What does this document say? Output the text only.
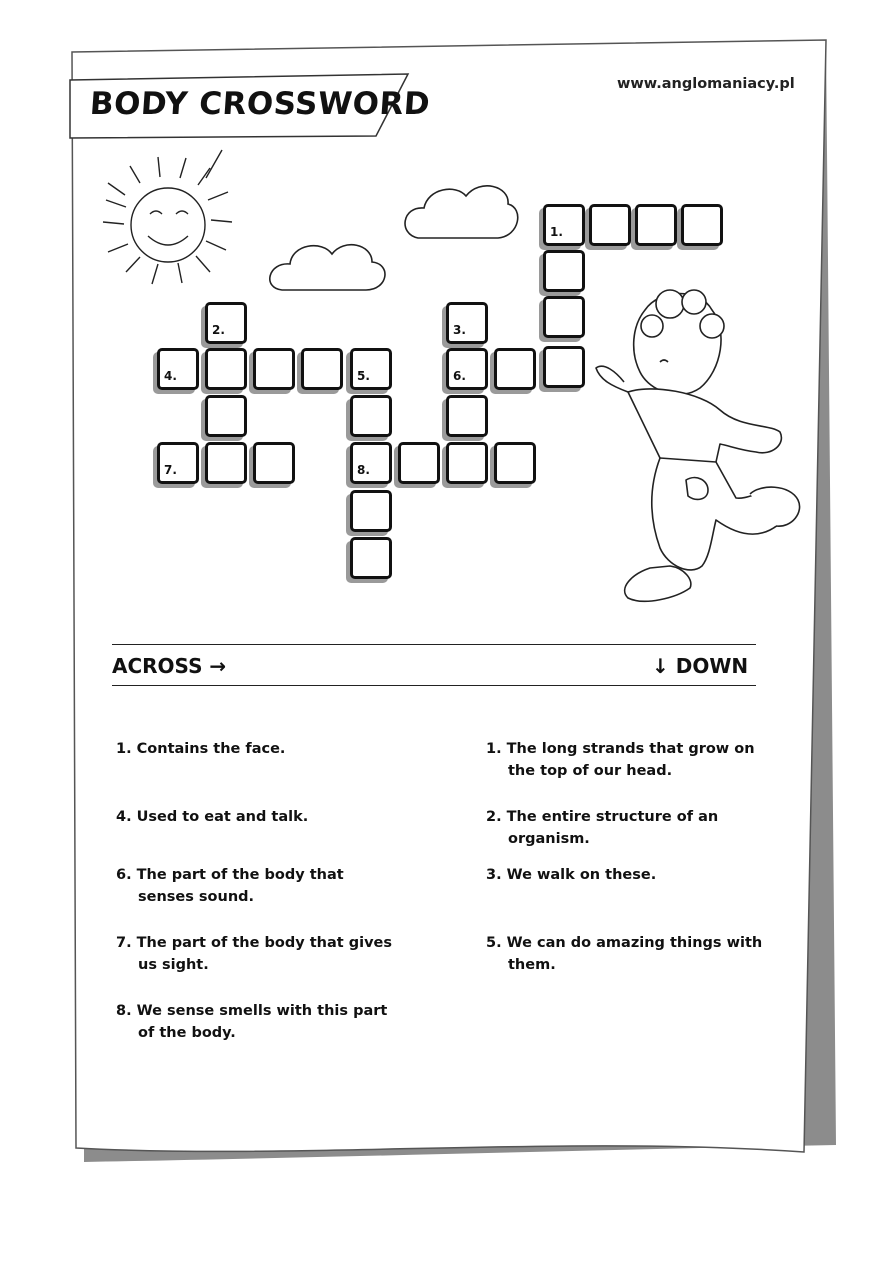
BODY CROSSWORD
www.anglomaniacy.pl
1.
2.	3.
4.	5.	6.
7.	8.
ACROSS →	↓ DOWN
1. Contains the face.
4. Used to eat and talk.
6. The part of the body that senses sound.
7. The part of the body that gives us sight.
8. We sense smells with this part of the body.
1. The long strands that grow on the top of our head.
2. The entire structure of an organism.
3. We walk on these.
5. We can do amazing things with them.
